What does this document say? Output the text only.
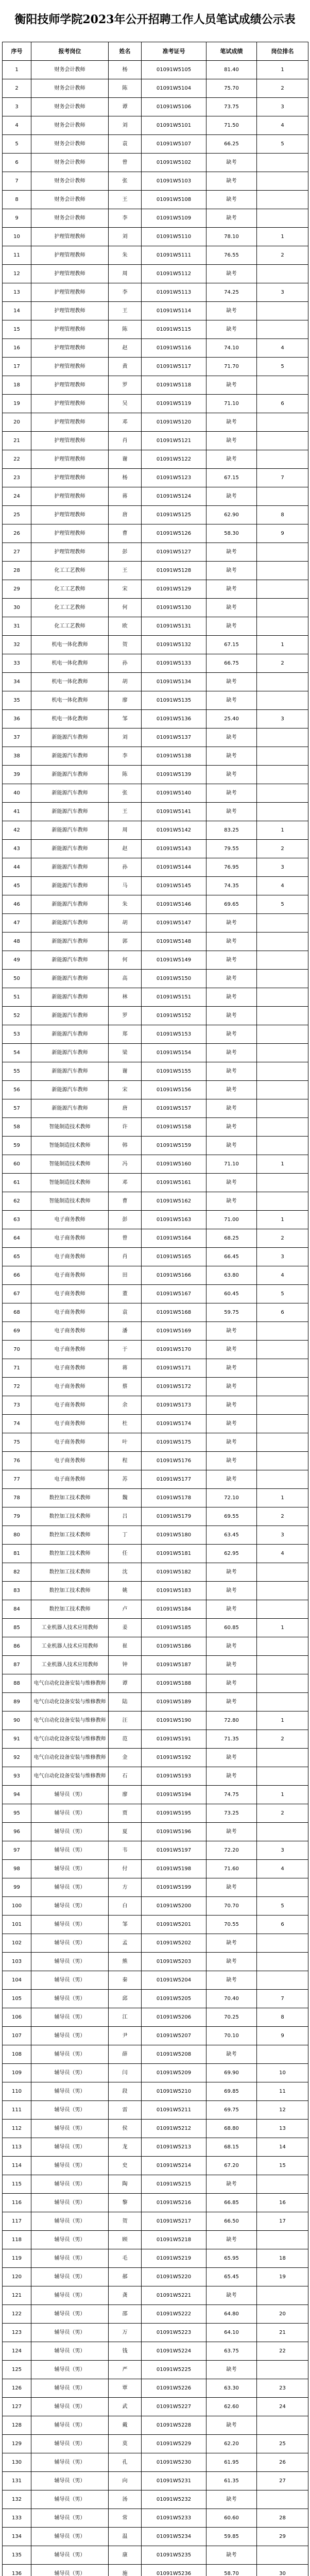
衡阳技师学院2023年公开招聘工作人员笔试成绩公示表
序号	报考岗位	姓名	准考证号	笔试成绩	岗位排名
1	财务会计教师	杨　　	01091W5105	81.40	1
2	财务会计教师	陈　　	01091W5104	75.70	2
3	财务会计教师	谭　　	01091W5106	73.75	3
4	财务会计教师	刘　　	01091W5101	71.50	4
5	财务会计教师	袁　　	01091W5107	66.25	5
6	财务会计教师	曾　　	01091W5102	缺考	
7	财务会计教师	张　　	01091W5103	缺考	
8	财务会计教师	王　　	01091W5108	缺考	
9	财务会计教师	李　　	01091W5109	缺考	
10	护理管理教师	刘　　	01091W5110	78.10	1
11	护理管理教师	朱　　	01091W5111	76.55	2
12	护理管理教师	周　　	01091W5112	缺考	
13	护理管理教师	李　　	01091W5113	74.25	3
14	护理管理教师	王　　	01091W5114	缺考	
15	护理管理教师	陈　　	01091W5115	缺考	
16	护理管理教师	赵　　	01091W5116	74.10	4
17	护理管理教师	黄　　	01091W5117	71.70	5
18	护理管理教师	罗　　	01091W5118	缺考	
19	护理管理教师	吴　　	01091W5119	71.10	6
20	护理管理教师	邓　　	01091W5120	缺考	
21	护理管理教师	肖　　	01091W5121	缺考	
22	护理管理教师	谢　　	01091W5122	缺考	
23	护理管理教师	杨　　	01091W5123	67.15	7
24	护理管理教师	蒋　　	01091W5124	缺考	
25	护理管理教师	唐　　	01091W5125	62.90	8
26	护理管理教师	曹　　	01091W5126	58.30	9
27	护理管理教师	彭　　	01091W5127	缺考	
28	化工工艺教师	王　　	01091W5128	缺考	
29	化工工艺教师	宋　　	01091W5129	缺考	
30	化工工艺教师	何　　	01091W5130	缺考	
31	化工工艺教师	欧　　	01091W5131	缺考	
32	机电一体化教师	贺　　	01091W5132	67.15	1
33	机电一体化教师	孙　　	01091W5133	66.75	2
34	机电一体化教师	胡　　	01091W5134	缺考	
35	机电一体化教师	廖　　	01091W5135	缺考	
36	机电一体化教师	邹　　	01091W5136	25.40	3
37	新能源汽车教师	刘　　	01091W5137	缺考	
38	新能源汽车教师	李　　	01091W5138	缺考	
39	新能源汽车教师	陈　　	01091W5139	缺考	
40	新能源汽车教师	张　　	01091W5140	缺考	
41	新能源汽车教师	王　　	01091W5141	缺考	
42	新能源汽车教师	周　　	01091W5142	83.25	1
43	新能源汽车教师	赵　　	01091W5143	79.55	2
44	新能源汽车教师	孙　　	01091W5144	76.95	3
45	新能源汽车教师	马　　	01091W5145	74.35	4
46	新能源汽车教师	朱　　	01091W5146	69.65	5
47	新能源汽车教师	胡　　	01091W5147	缺考	
48	新能源汽车教师	郭　　	01091W5148	缺考	
49	新能源汽车教师	何　　	01091W5149	缺考	
50	新能源汽车教师	高　　	01091W5150	缺考	
51	新能源汽车教师	林　　	01091W5151	缺考	
52	新能源汽车教师	罗　　	01091W5152	缺考	
53	新能源汽车教师	郑　　	01091W5153	缺考	
54	新能源汽车教师	梁　　	01091W5154	缺考	
55	新能源汽车教师	谢　　	01091W5155	缺考	
56	新能源汽车教师	宋　　	01091W5156	缺考	
57	新能源汽车教师	唐　　	01091W5157	缺考	
58	智能制造技术教师	许　　	01091W5158	缺考	
59	智能制造技术教师	韩　　	01091W5159	缺考	
60	智能制造技术教师	冯　　	01091W5160	71.10	1
61	智能制造技术教师	邓　　	01091W5161	缺考	
62	智能制造技术教师	曹　　	01091W5162	缺考	
63	电子商务教师	彭　　	01091W5163	71.00	1
64	电子商务教师	曾　　	01091W5164	68.25	2
65	电子商务教师	肖　　	01091W5165	66.45	3
66	电子商务教师	田　　	01091W5166	63.80	4
67	电子商务教师	董　　	01091W5167	60.45	5
68	电子商务教师	袁　　	01091W5168	59.75	6
69	电子商务教师	潘　　	01091W5169	缺考	
70	电子商务教师	于　　	01091W5170	缺考	
71	电子商务教师	蒋　　	01091W5171	缺考	
72	电子商务教师	蔡　　	01091W5172	缺考	
73	电子商务教师	余　　	01091W5173	缺考	
74	电子商务教师	杜　　	01091W5174	缺考	
75	电子商务教师	叶　　	01091W5175	缺考	
76	电子商务教师	程　　	01091W5176	缺考	
77	电子商务教师	苏　　	01091W5177	缺考	
78	数控加工技术教师	魏　　	01091W5178	72.10	1
79	数控加工技术教师	吕　　	01091W5179	69.55	2
80	数控加工技术教师	丁　　	01091W5180	63.45	3
81	数控加工技术教师	任　　	01091W5181	62.95	4
82	数控加工技术教师	沈　　	01091W5182	缺考	
83	数控加工技术教师	姚　　	01091W5183	缺考	
84	数控加工技术教师	卢　　	01091W5184	缺考	
85	工业机器人技术应用教师	姜　　	01091W5185	60.85	1
86	工业机器人技术应用教师	崔　　	01091W5186	缺考	
87	工业机器人技术应用教师	钟　　	01091W5187	缺考	
88	电气自动化设备安装与维修教师	谭　　	01091W5188	缺考	
89	电气自动化设备安装与维修教师	陆　　	01091W5189	缺考	
90	电气自动化设备安装与维修教师	汪　　	01091W5190	72.80	1
91	电气自动化设备安装与维修教师	范　　	01091W5191	71.35	2
92	电气自动化设备安装与维修教师	金　　	01091W5192	缺考	
93	电气自动化设备安装与维修教师	石　　	01091W5193	缺考	
94	辅导员（男）	廖　　	01091W5194	74.75	1
95	辅导员（男）	贾　　	01091W5195	73.25	2
96	辅导员（男）	夏　　	01091W5196	缺考	
97	辅导员（男）	韦　　	01091W5197	72.20	3
98	辅导员（男）	付　　	01091W5198	71.60	4
99	辅导员（男）	方　　	01091W5199	缺考	
100	辅导员（男）	白　　	01091W5200	70.70	5
101	辅导员（男）	邹　　	01091W5201	70.55	6
102	辅导员（男）	孟　　	01091W5202	缺考	
103	辅导员（男）	熊　　	01091W5203	缺考	
104	辅导员（男）	秦　　	01091W5204	缺考	
105	辅导员（男）	邱　　	01091W5205	70.40	7
106	辅导员（男）	江　　	01091W5206	70.25	8
107	辅导员（男）	尹　　	01091W5207	70.10	9
108	辅导员（男）	薛　　	01091W5208	缺考	
109	辅导员（男）	闫　　	01091W5209	69.90	10
110	辅导员（男）	段　　	01091W5210	69.85	11
111	辅导员（男）	雷　　	01091W5211	69.75	12
112	辅导员（男）	侯　　	01091W5212	68.80	13
113	辅导员（男）	龙　　	01091W5213	68.15	14
114	辅导员（男）	史　　	01091W5214	67.20	15
115	辅导员（男）	陶　　	01091W5215	缺考	
116	辅导员（男）	黎　　	01091W5216	66.85	16
117	辅导员（男）	贺　　	01091W5217	66.50	17
118	辅导员（男）	顾　　	01091W5218	缺考	
119	辅导员（男）	毛　　	01091W5219	65.95	18
120	辅导员（男）	郝　　	01091W5220	65.45	19
121	辅导员（男）	龚　　	01091W5221	缺考	
122	辅导员（男）	邵　　	01091W5222	64.80	20
123	辅导员（男）	万　　	01091W5223	64.10	21
124	辅导员（男）	钱　　	01091W5224	63.75	22
125	辅导员（男）	严　　	01091W5225	缺考	
126	辅导员（男）	覃　　	01091W5226	63.30	23
127	辅导员（男）	武　　	01091W5227	62.60	24
128	辅导员（男）	戴　　	01091W5228	缺考	
129	辅导员（男）	莫　　	01091W5229	62.20	25
130	辅导员（男）	孔　　	01091W5230	61.95	26
131	辅导员（男）	向　　	01091W5231	61.35	27
132	辅导员（男）	汤　　	01091W5232	缺考	
133	辅导员（男）	常　　	01091W5233	60.60	28
134	辅导员（男）	温　　	01091W5234	59.85	29
135	辅导员（男）	康　　	01091W5235	缺考	
136	辅导员（男）	施　　	01091W5236	58.70	30
